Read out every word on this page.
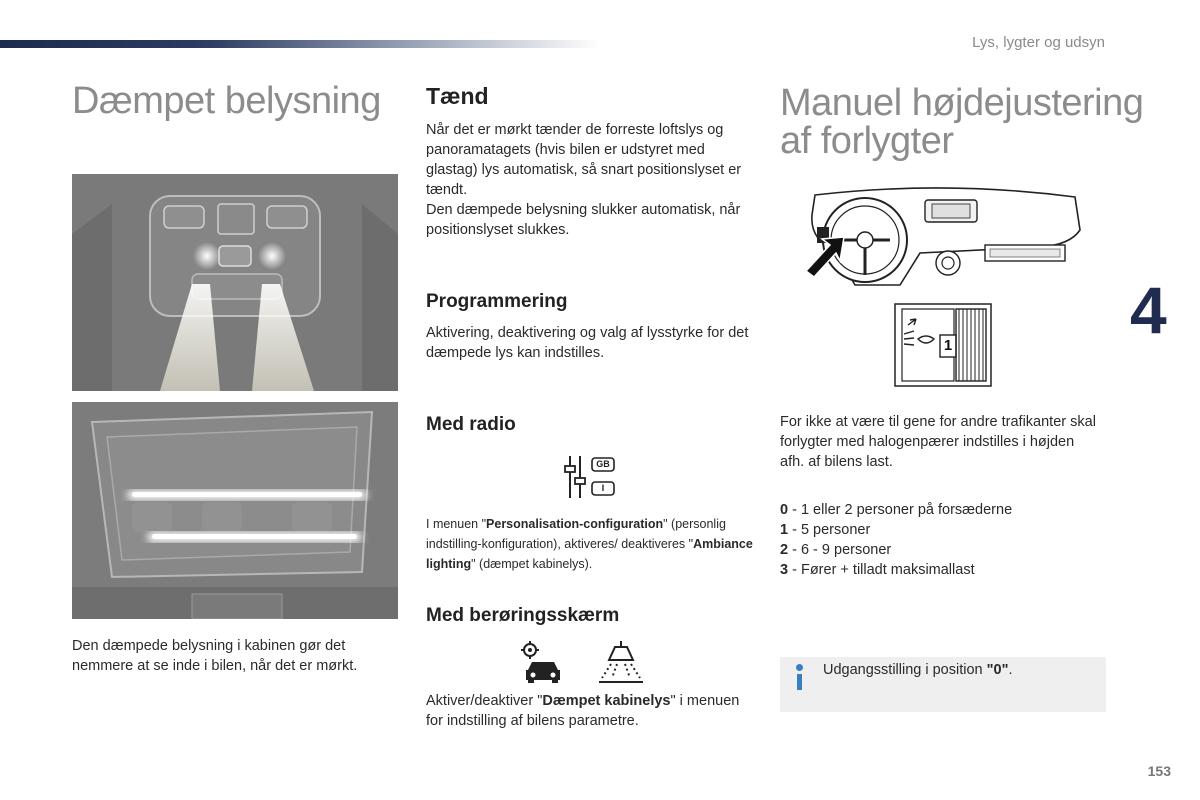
Lys, lygter og udsyn
Dæmpet belysning
Den dæmpede belysning i kabinen gør det nemmere at se inde i bilen, når det er mørkt.
Tænd
Når det er mørkt tænder de forreste loftslys og panoramatagets (hvis bilen er udstyret med glastag) lys automatisk, så snart positionslyset er tændt.
Den dæmpede belysning slukker automatisk, når positionslyset slukkes.
Programmering
Aktivering, deaktivering og valg af lysstyrke for det dæmpede lys kan indstilles.
Med radio
GB
I
I menuen "Personalisation-configuration" (personlig indstilling-konfiguration), aktiveres/ deaktiveres "Ambiance lighting" (dæmpet kabinelys).
Med berøringsskærm
Aktiver/deaktiver "Dæmpet kabinelys" i menuen for indstilling af bilens parametre.
Manuel højdejustering
af forlygter
1	4
For ikke at være til gene for andre trafikanter skal forlygter med halogenpærer indstilles i højden afh. af bilens last.
0 - 1 eller 2 personer på forsæderne
1 - 5 personer
2 - 6 - 9 personer
3 - Fører + tilladt maksimallast
Udgangsstilling i position "0".
153
